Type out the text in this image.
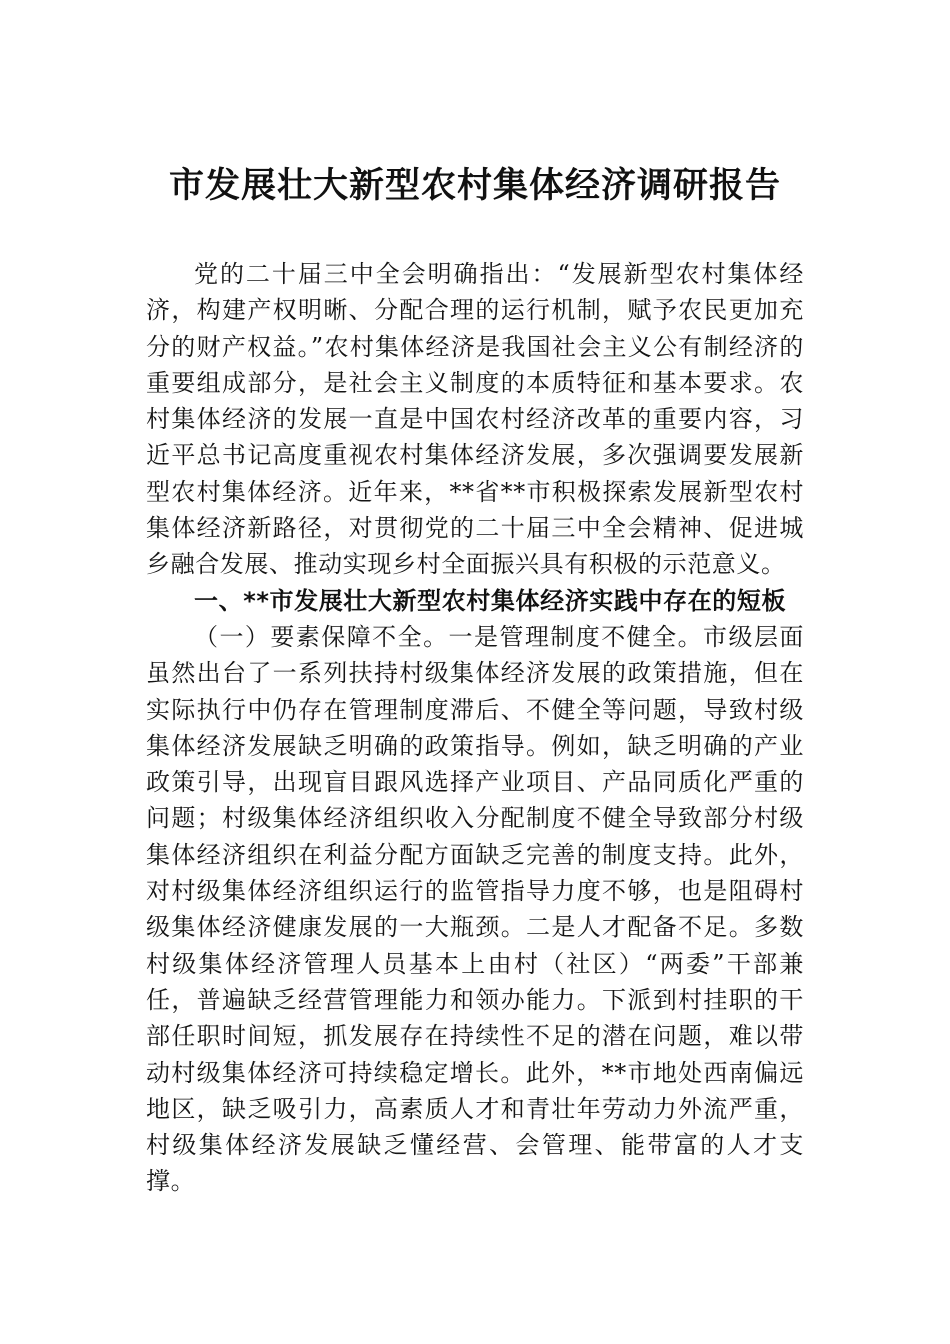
市发展壮大新型农村集体经济调研报告

党的二十届三中全会明确指出：“发展新型农村集体经济，构建产权明晰、分配合理的运行机制，赋予农民更加充分的财产权益。”农村集体经济是我国社会主义公有制经济的重要组成部分，是社会主义制度的本质特征和基本要求。农村集体经济的发展一直是中国农村经济改革的重要内容，习近平总书记高度重视农村集体经济发展，多次强调要发展新型农村集体经济。近年来，**省**市积极探索发展新型农村集体经济新路径，对贯彻党的二十届三中全会精神、促进城乡融合发展、推动实现乡村全面振兴具有积极的示范意义。

一、**市发展壮大新型农村集体经济实践中存在的短板

（一）要素保障不全。一是管理制度不健全。市级层面虽然出台了一系列扶持村级集体经济发展的政策措施，但在实际执行中仍存在管理制度滞后、不健全等问题，导致村级集体经济发展缺乏明确的政策指导。例如，缺乏明确的产业政策引导，出现盲目跟风选择产业项目、产品同质化严重的问题；村级集体经济组织收入分配制度不健全导致部分村级集体经济组织在利益分配方面缺乏完善的制度支持。此外，对村级集体经济组织运行的监管指导力度不够，也是阻碍村级集体经济健康发展的一大瓶颈。二是人才配备不足。多数村级集体经济管理人员基本上由村（社区）“两委”干部兼任，普遍缺乏经营管理能力和领办能力。下派到村挂职的干部任职时间短，抓发展存在持续性不足的潜在问题，难以带动村级集体经济可持续稳定增长。此外，**市地处西南偏远地区，缺乏吸引力，高素质人才和青壮年劳动力外流严重，村级集体经济发展缺乏懂经营、会管理、能带富的人才支撑。
